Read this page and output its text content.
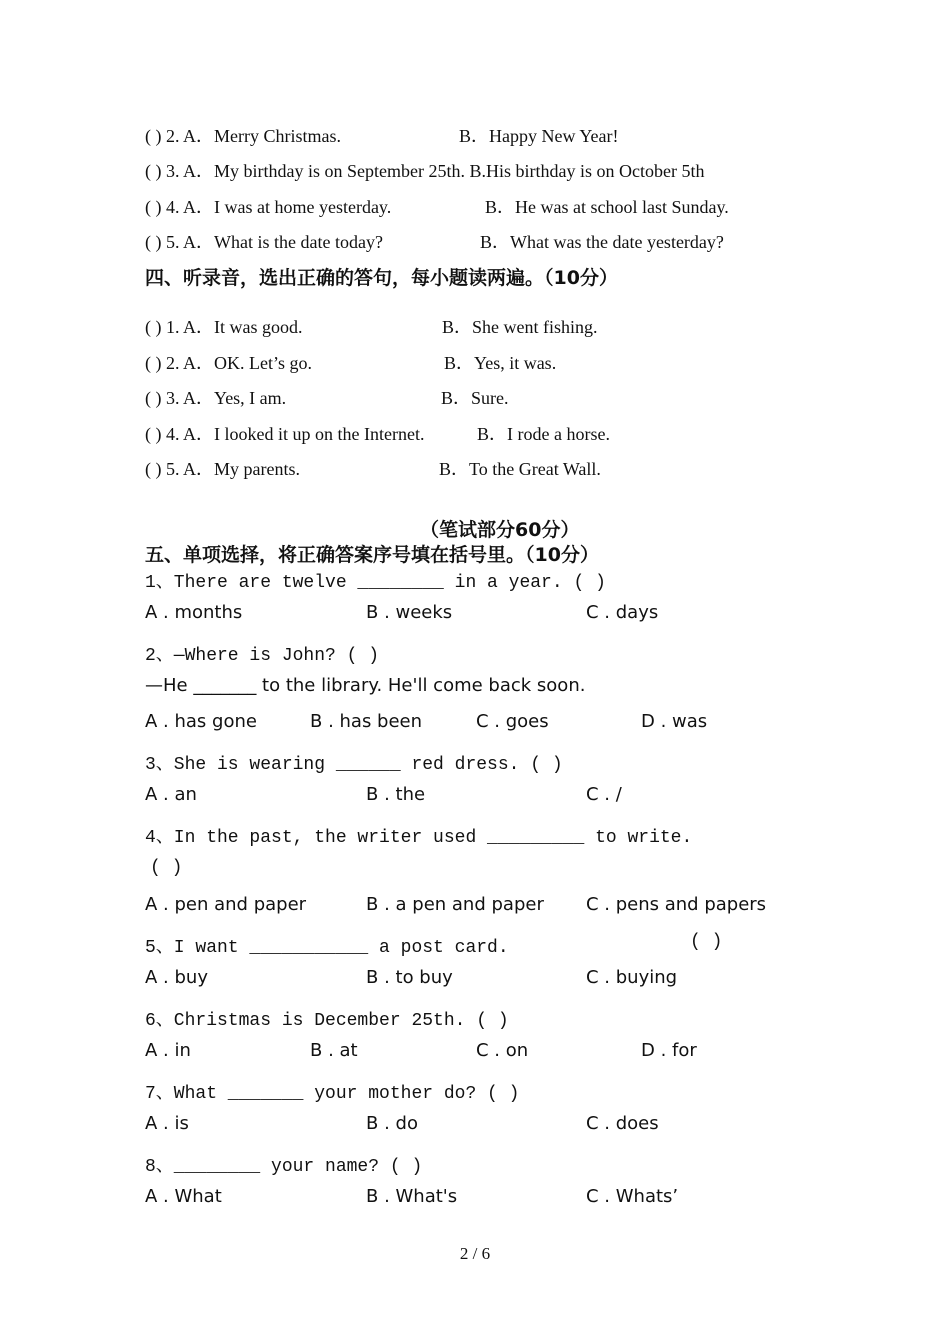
( ) 2. A．Merry Christmas.	B．Happy New Year!
( ) 3. A．My birthday is on September 25th. B.His birthday is on October 5th
( ) 4. A．I was at home yesterday.	B．He was at school last Sunday.
( ) 5. A．What is the date today?	B．What was the date yesterday?
四、听录音，选出正确的答句，每小题读两遍。（10分）
( ) 1. A．It was good.	B．She went fishing.
( ) 2. A．OK. Let’s go.	B．Yes, it was.
( ) 3. A．Yes, I am.	B．Sure.
( ) 4. A．I looked it up on the Internet.	B．I rode a horse.
( ) 5. A．My parents.	B．To the Great Wall.
（笔试部分60分）
五、单项选择，将正确答案序号填在括号里。（10分）
1、There are twelve ________ in a year. ( )
A . months	B . weeks	C . days
2、—Where is John? ( )
—He _______ to the library. He'll come back soon.
A . has gone	B . has been	C . goes	D . was
3、She is wearing ______ red dress. ( )
A . an	B . the	C . /
4、In the past, the writer used _________ to write.
( )
A . pen and paper	B . a pen and paper C . pens and papers
5、I want ___________ a post card.	( )
A . buy	B . to buy	C . buying
6、Christmas is December 25th. ( )
A . in	B . at	C . on	D . for
7、What _______ your mother do? ( )
A . is	B . do	C . does
8、________ your name? ( )
A . What	B . What's	C . Whats’
2 / 6
